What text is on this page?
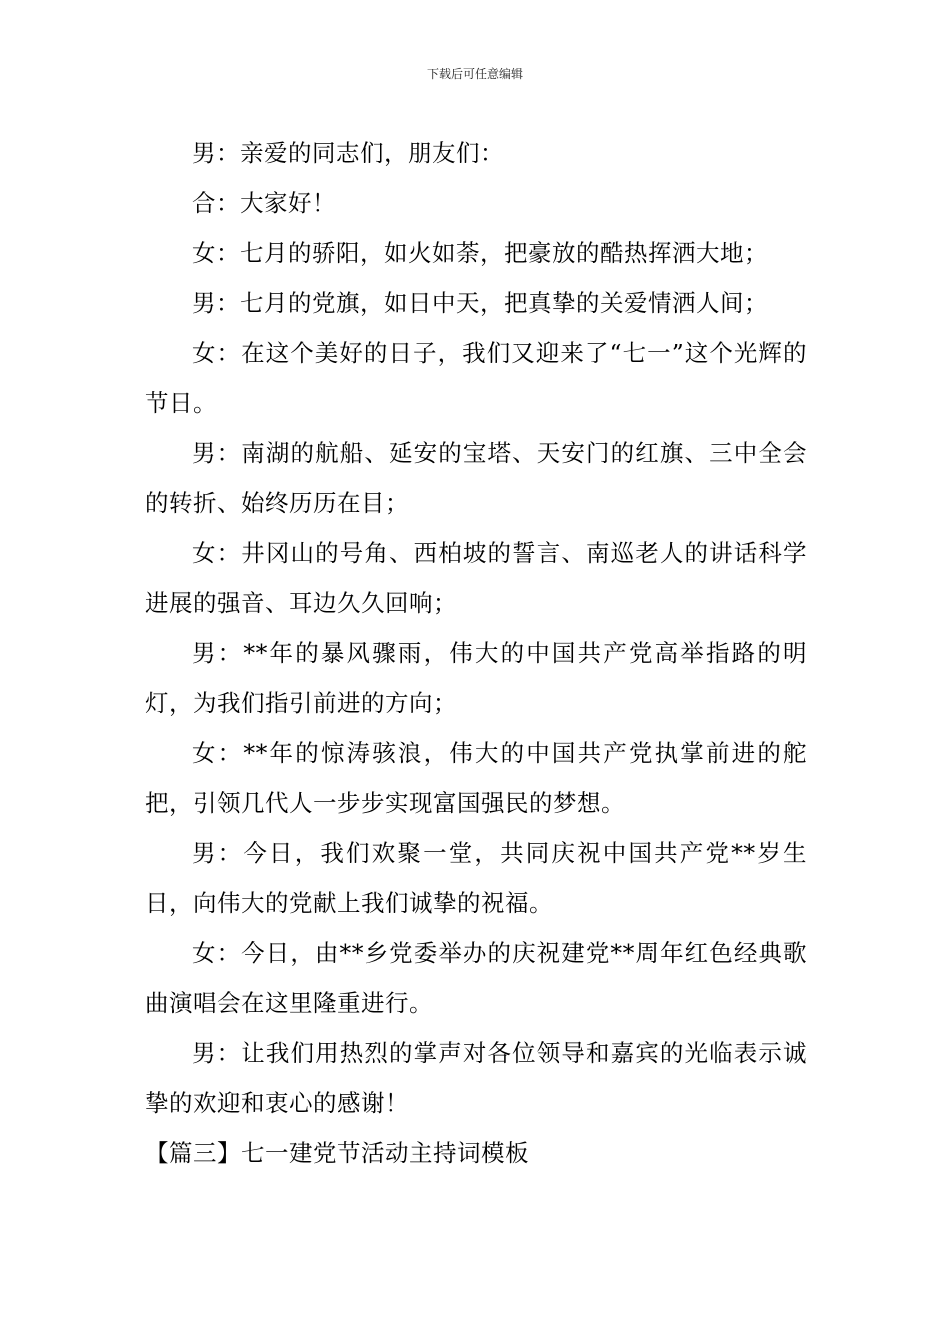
下载后可任意编辑

男：亲爱的同志们，朋友们：

合：大家好！

女：七月的骄阳，如火如荼，把豪放的酷热挥洒大地；

男：七月的党旗，如日中天，把真挚的关爱情洒人间；

女：在这个美好的日子，我们又迎来了“七一”这个光辉的节日。

男：南湖的航船、延安的宝塔、天安门的红旗、三中全会的转折、始终历历在目；

女：井冈山的号角、西柏坡的誓言、南巡老人的讲话科学进展的强音、耳边久久回响；

男：**年的暴风骤雨，伟大的中国共产党高举指路的明灯，为我们指引前进的方向；

女：**年的惊涛骇浪，伟大的中国共产党执掌前进的舵把，引领几代人一步步实现富国强民的梦想。

男：今日，我们欢聚一堂，共同庆祝中国共产党**岁生日，向伟大的党献上我们诚挚的祝福。

女：今日，由**乡党委举办的庆祝建党**周年红色经典歌曲演唱会在这里隆重进行。

男：让我们用热烈的掌声对各位领导和嘉宾的光临表示诚挚的欢迎和衷心的感谢！

【篇三】七一建党节活动主持词模板
